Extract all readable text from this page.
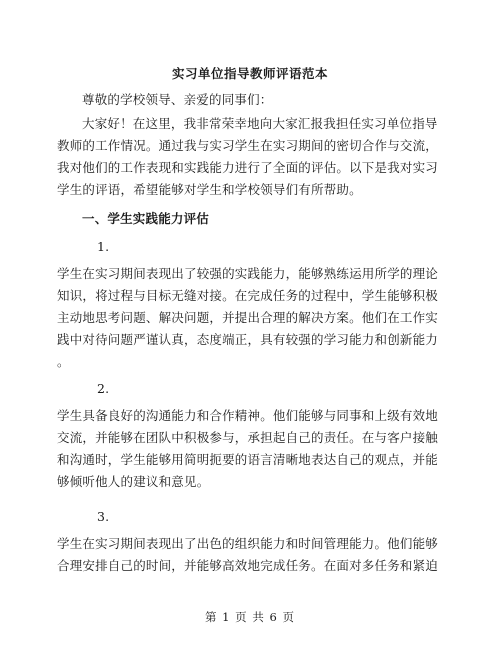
实习单位指导教师评语范本
尊敬的学校领导、亲爱的同事们：
大家好！在这里，我非常荣幸地向大家汇报我担任实习单位指导
教师的工作情况。通过我与实习学生在实习期间的密切合作与交流，
我对他们的工作表现和实践能力进行了全面的评估。以下是我对实习
学生的评语，希望能够对学生和学校领导们有所帮助。
一、学生实践能力评估
1.
学生在实习期间表现出了较强的实践能力，能够熟练运用所学的理论
知识，将过程与目标无缝对接。在完成任务的过程中，学生能够积极
主动地思考问题、解决问题，并提出合理的解决方案。他们在工作实
践中对待问题严谨认真，态度端正，具有较强的学习能力和创新能力
。
2.
学生具备良好的沟通能力和合作精神。他们能够与同事和上级有效地
交流，并能够在团队中积极参与，承担起自己的责任。在与客户接触
和沟通时，学生能够用简明扼要的语言清晰地表达自己的观点，并能
够倾听他人的建议和意见。
3.
学生在实习期间表现出了出色的组织能力和时间管理能力。他们能够
合理安排自己的时间，并能够高效地完成任务。在面对多任务和紧迫
第 1 页 共 6 页
